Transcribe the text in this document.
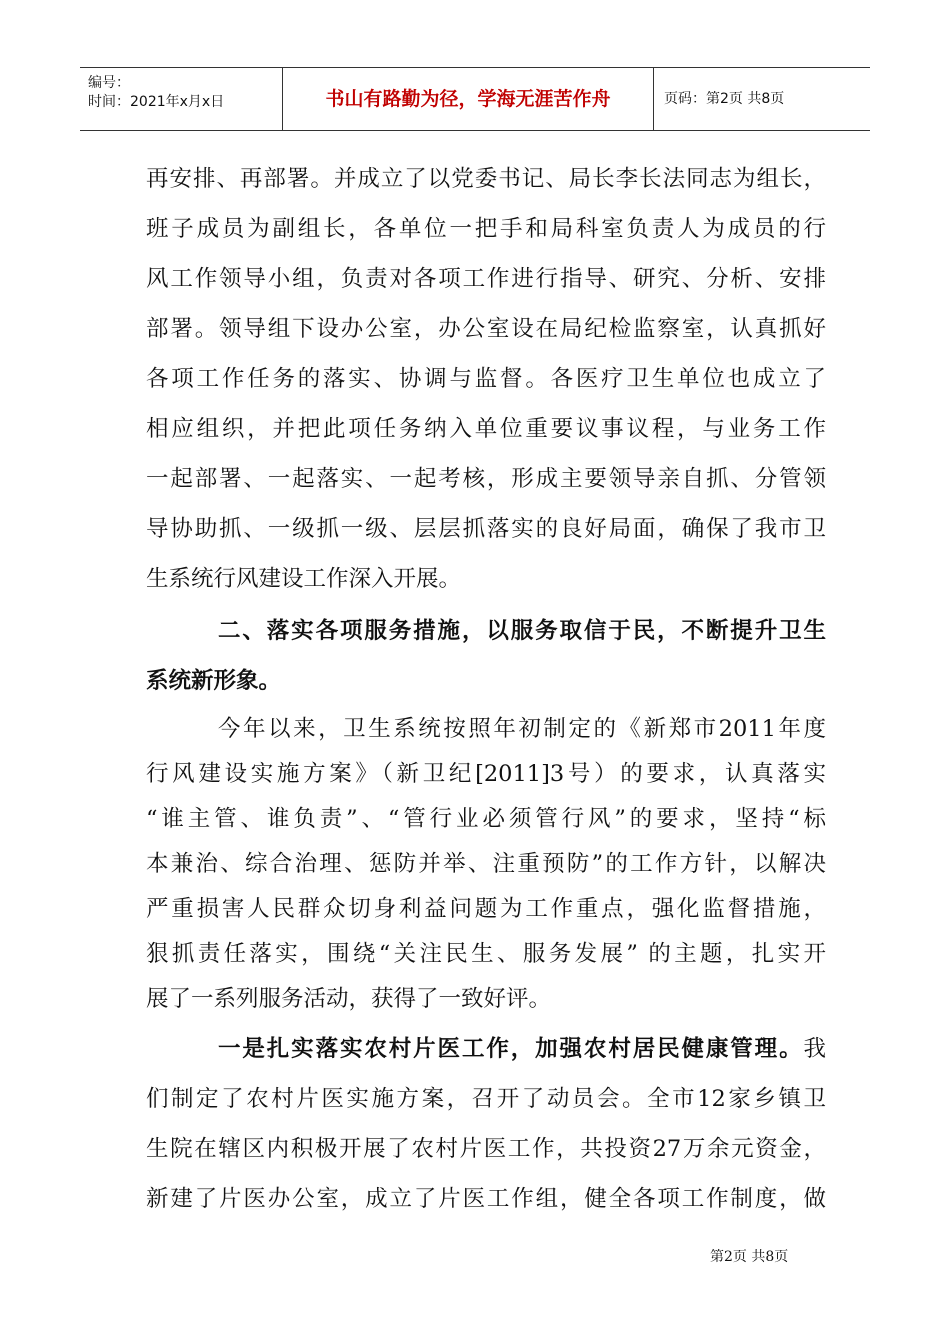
编号：
时间：2021年x月x日	书山有路勤为径，学海无涯苦作舟	页码：第2页 共8页
再安排、再部署。并成立了以党委书记、局长李长法同志为组长，
班子成员为副组长，各单位一把手和局科室负责人为成员的行
风工作领导小组，负责对各项工作进行指导、研究、分析、安排
部署。领导组下设办公室，办公室设在局纪检监察室，认真抓好
各项工作任务的落实、协调与监督。各医疗卫生单位也成立了
相应组织，并把此项任务纳入单位重要议事议程，与业务工作
一起部署、一起落实、一起考核，形成主要领导亲自抓、分管领
导协助抓、一级抓一级、层层抓落实的良好局面，确保了我市卫
生系统行风建设工作深入开展。
二、落实各项服务措施，以服务取信于民，不断提升卫生
系统新形象。
今年以来，卫生系统按照年初制定的《新郑市2011年度
行风建设实施方案》（新卫纪[2011]3号）的要求，认真落实
“谁主管、谁负责”、“管行业必须管行风”的要求，坚持“标
本兼治、综合治理、惩防并举、注重预防”的工作方针，以解决
严重损害人民群众切身利益问题为工作重点，强化监督措施，
狠抓责任落实，围绕“关注民生、服务发展” 的主题，扎实开
展了一系列服务活动，获得了一致好评。
一是扎实落实农村片医工作，加强农村居民健康管理。我
们制定了农村片医实施方案，召开了动员会。全市12家乡镇卫
生院在辖区内积极开展了农村片医工作，共投资27万余元资金，
新建了片医办公室，成立了片医工作组，健全各项工作制度，做
第2页 共8页
